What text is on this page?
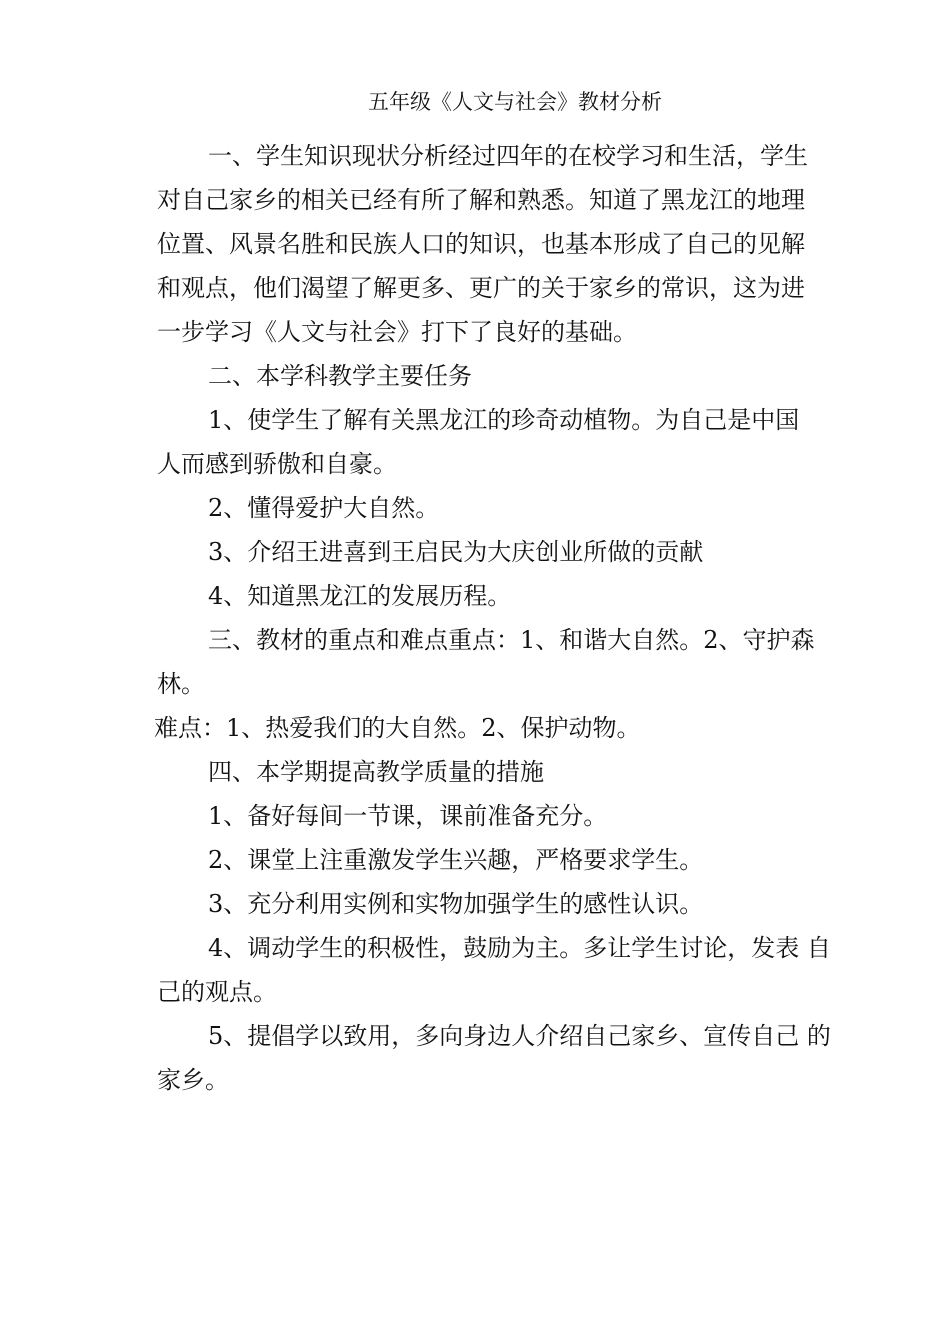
五年级《人文与社会》教材分析
一、学生知识现状分析经过四年的在校学习和生活，学生
对自己家乡的相关已经有所了解和熟悉。知道了黑龙江的地理
位置、风景名胜和民族人口的知识，也基本形成了自己的见解
和观点，他们渴望了解更多、更广的关于家乡的常识，这为进
一步学习《人文与社会》打下了良好的基础。
二、本学科教学主要任务
1、使学生了解有关黑龙江的珍奇动植物。为自己是中国
人而感到骄傲和自豪。
2、懂得爱护大自然。
3、介绍王进喜到王启民为大庆创业所做的贡献
4、知道黑龙江的发展历程。
三、教材的重点和难点重点：1、和谐大自然。2、守护森
林。
难点：1、热爱我们的大自然。2、保护动物。
四、本学期提高教学质量的措施
1、备好每间一节课，课前准备充分。
2、课堂上注重激发学生兴趣，严格要求学生。
3、充分利用实例和实物加强学生的感性认识。
4、调动学生的积极性，鼓励为主。多让学生讨论，发表 自
己的观点。
5、提倡学以致用，多向身边人介绍自己家乡、宣传自己 的
家乡。
